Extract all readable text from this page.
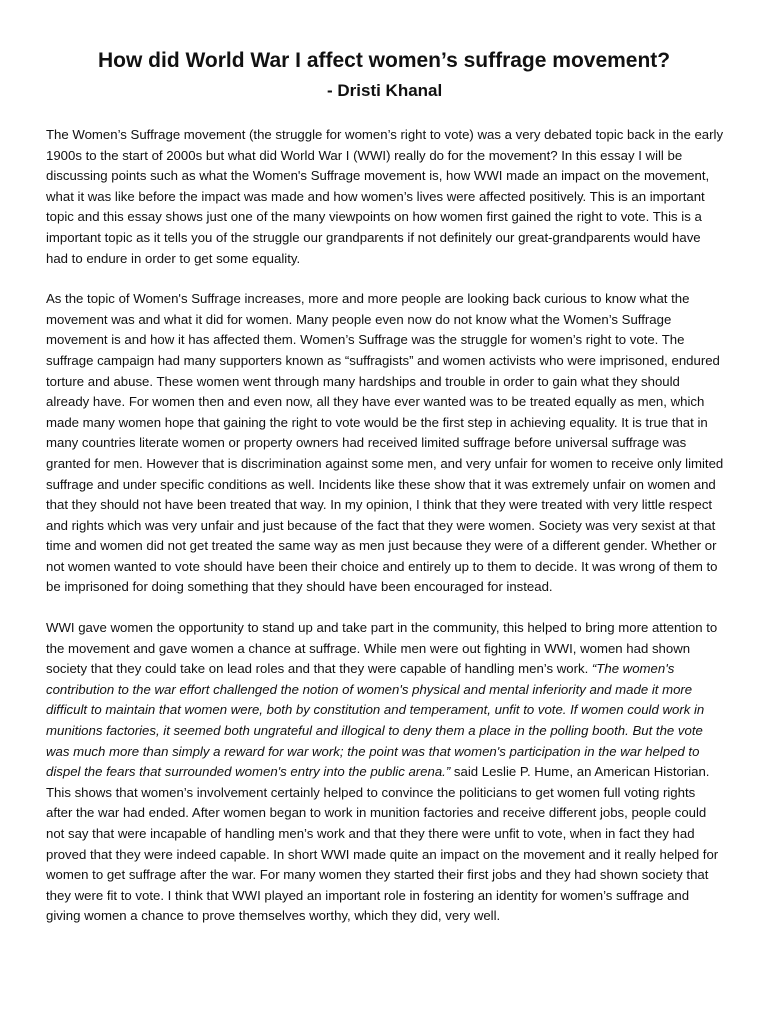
How did World War I affect women’s suffrage movement?
- Dristi Khanal

The Women’s Suffrage movement (the struggle for women’s right to vote) was a very debated topic back in the early 1900s to the start of 2000s but what did World War I (WWI) really do for the movement? In this essay I will be discussing points such as what the Women's Suffrage movement is, how WWI made an impact on the movement, what it was like before the impact was made and how women’s lives were affected positively. This is an important topic and this essay shows just one of the many viewpoints on how women first gained the right to vote. This is a important topic as it tells you of the struggle our grandparents if not definitely our great-grandparents would have had to endure in order to get some equality.

As the topic of Women's Suffrage increases, more and more people are looking back curious to know what the movement was and what it did for women. Many people even now do not know what the Women’s Suffrage movement is and how it has affected them. Women’s Suffrage was the struggle for women’s right to vote. The suffrage campaign had many supporters known as “suffragists” and women activists who were imprisoned, endured torture and abuse. These women went through many hardships and trouble in order to gain what they should already have. For women then and even now, all they have ever wanted was to be treated equally as men, which made many women hope that gaining the right to vote would be the first step in achieving equality. It is true that in many countries literate women or property owners had received limited suffrage before universal suffrage was granted for men. However that is discrimination against some men, and very unfair for women to receive only limited suffrage and under specific conditions as well. Incidents like these show that it was extremely unfair on women and that they should not have been treated that way. In my opinion, I think that they were treated with very little respect and rights which was very unfair and just because of the fact that they were women. Society was very sexist at that time and women did not get treated the same way as men just because they were of a different gender. Whether or not women wanted to vote should have been their choice and entirely up to them to decide. It was wrong of them to be imprisoned for doing something that they should have been encouraged for instead.

WWI gave women the opportunity to stand up and take part in the community, this helped to bring more attention to the movement and gave women a chance at suffrage. While men were out fighting in WWI, women had shown society that they could take on lead roles and that they were capable of handling men’s work. “The women's contribution to the war effort challenged the notion of women's physical and mental inferiority and made it more difficult to maintain that women were, both by constitution and temperament, unfit to vote. If women could work in munitions factories, it seemed both ungrateful and illogical to deny them a place in the polling booth. But the vote was much more than simply a reward for war work; the point was that women's participation in the war helped to dispel the fears that surrounded women's entry into the public arena.” said Leslie P. Hume, an American Historian. This shows that women’s involvement certainly helped to convince the politicians to get women full voting rights after the war had ended. After women began to work in munition factories and receive different jobs, people could not say that were incapable of handling men’s work and that they there were unfit to vote, when in fact they had proved that they were indeed capable. In short WWI made quite an impact on the movement and it really helped for women to get suffrage after the war. For many women they started their first jobs and they had shown society that they were fit to vote. I think that WWI played an important role in fostering an identity for women’s suffrage and giving women a chance to prove themselves worthy, which they did, very well.
